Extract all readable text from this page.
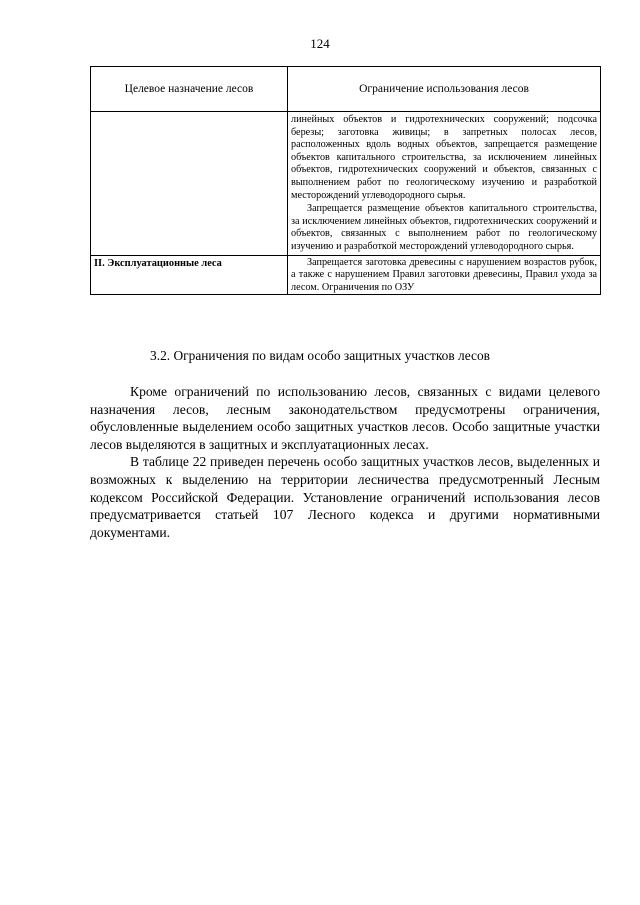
124
Целевое назначение лесов	Ограничение использования лесов

	линейных объектов и гидротехнических сооружений; подсочка березы; заготовка живицы; в запретных полосах лесов, расположенных вдоль водных объектов, запрещается размещение объектов капитального строительства, за исключением линейных объектов, гидротехнических сооружений и объектов, связанных с выполнением работ по геологическому изучению и разработкой месторождений углеводородного сырья.
Запрещается размещение объектов капитального строительства, за исключением линейных объектов, гидротехнических сооружений и объектов, связанных с выполнением работ по геологическому изучению и разработкой месторождений углеводородного сырья.

II. Эксплуатационные леса	Запрещается заготовка древесины с нарушением возрастов рубок, а также с нарушением Правил заготовки древесины, Правил ухода за лесом. Ограничения по ОЗУ
3.2. Ограничения по видам особо защитных участков лесов

Кроме ограничений по использованию лесов, связанных с видами целевого назначения лесов, лесным законодательством предусмотрены ограничения, обусловленные выделением особо защитных участков лесов. Особо защитные участки лесов выделяются в защитных и эксплуатационных лесах.

В таблице 22 приведен перечень особо защитных участков лесов, выделенных и возможных к выделению на территории лесничества предусмотренный Лесным кодексом Российской Федерации. Установление ограничений использования лесов предусматривается статьей 107 Лесного кодекса и другими нормативными документами.
